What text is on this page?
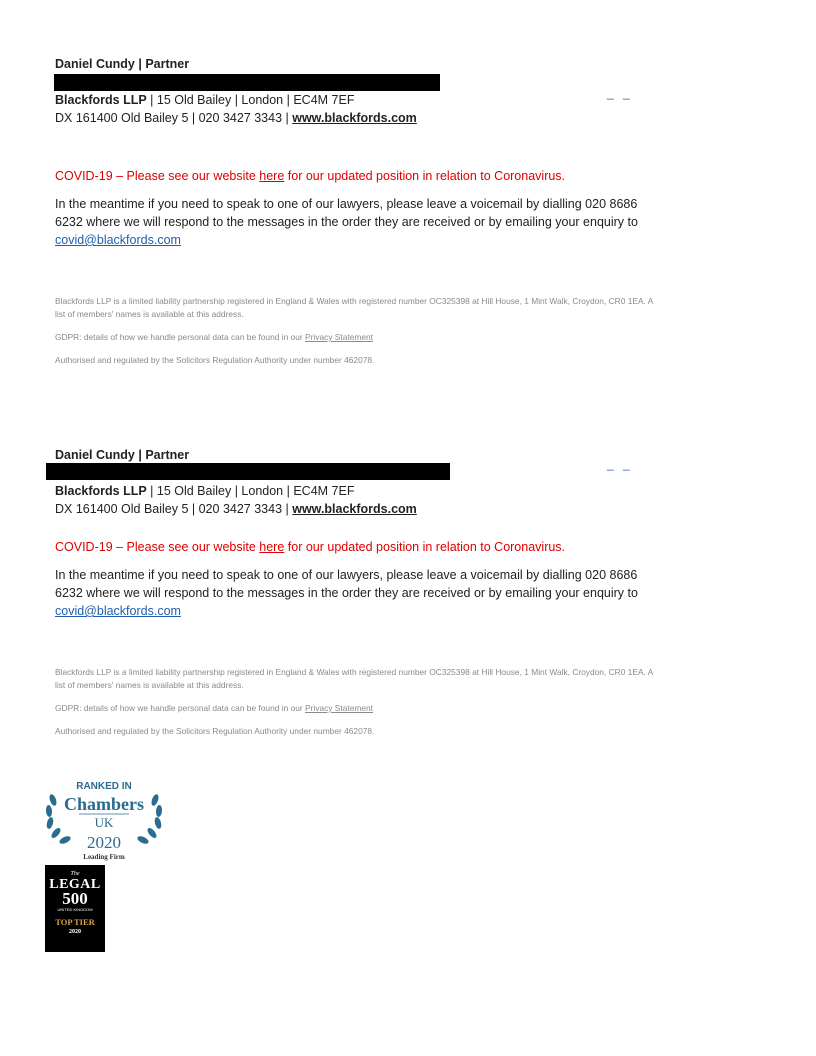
Daniel Cundy | Partner
_ _
Blackfords LLP | 15 Old Bailey | London | EC4M 7EF
DX 161400 Old Bailey 5 | 020 3427 3343 | www.blackfords.com
COVID-19 – Please see our website here for our updated position in relation to Coronavirus.
In the meantime if you need to speak to one of our lawyers, please leave a voicemail by dialling 020 8686 6232 where we will respond to the messages in the order they are received or by emailing your enquiry to covid@blackfords.com
Blackfords LLP is a limited liability partnership registered in England & Wales with registered number OC325398 at Hill House, 1 Mint Walk, Croydon, CR0 1EA. A list of members' names is available at this address.
GDPR: details of how we handle personal data can be found in our Privacy Statement
Authorised and regulated by the Solicitors Regulation Authority under number 462078.
Daniel Cundy | Partner
_ _
Blackfords LLP | 15 Old Bailey | London | EC4M 7EF
DX 161400 Old Bailey 5 | 020 3427 3343 | www.blackfords.com
COVID-19 – Please see our website here for our updated position in relation to Coronavirus.
In the meantime if you need to speak to one of our lawyers, please leave a voicemail by dialling 020 8686 6232 where we will respond to the messages in the order they are received or by emailing your enquiry to covid@blackfords.com
Blackfords LLP is a limited liability partnership registered in England & Wales with registered number OC325398 at Hill House, 1 Mint Walk, Croydon, CR0 1EA. A list of members' names is available at this address.
GDPR: details of how we handle personal data can be found in our Privacy Statement
Authorised and regulated by the Solicitors Regulation Authority under number 462078.
RANKED IN
Chambers
UK
2020
Leading Firm
The
LEGAL
500
UNITED KINGDOM
TOP TIER
2020
